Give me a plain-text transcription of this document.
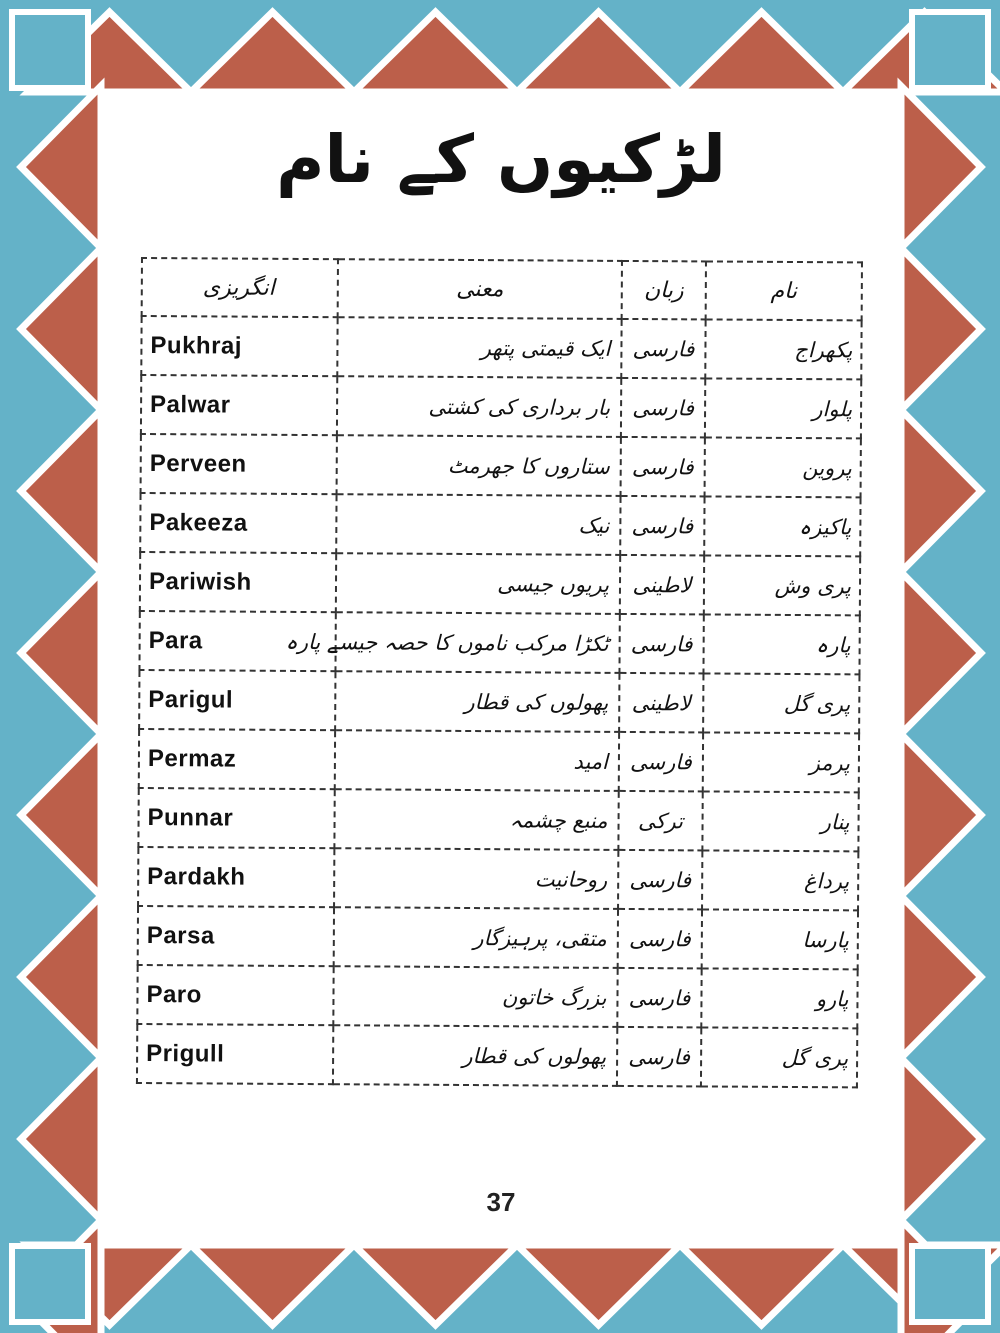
لڑکیوں کے نام
انگریزی	معنی	زبان	نام
Pukhraj	ایک قیمتی پتھر	فارسی	پکھراج
Palwar	بار برداری کی کشتی	فارسی	پلوار
Perveen	ستاروں کا جھرمٹ	فارسی	پروین
Pakeeza	نیک	فارسی	پاکیزہ
Pariwish	پریوں جیسی	لاطینی	پری وش
Para	ٹکڑا مرکب ناموں کا حصہ جیسے پارہ	فارسی	پارہ
Parigul	پھولوں کی قطار	لاطینی	پری گل
Permaz	امید	فارسی	پرمز
Punnar	منبع چشمہ	ترکی	پنار
Pardakh	روحانیت	فارسی	پرداغ
Parsa	متقی، پرہیزگار	فارسی	پارسا
Paro	بزرگ خاتون	فارسی	پارو
Prigull	پھولوں کی قطار	فارسی	پری گل
37
